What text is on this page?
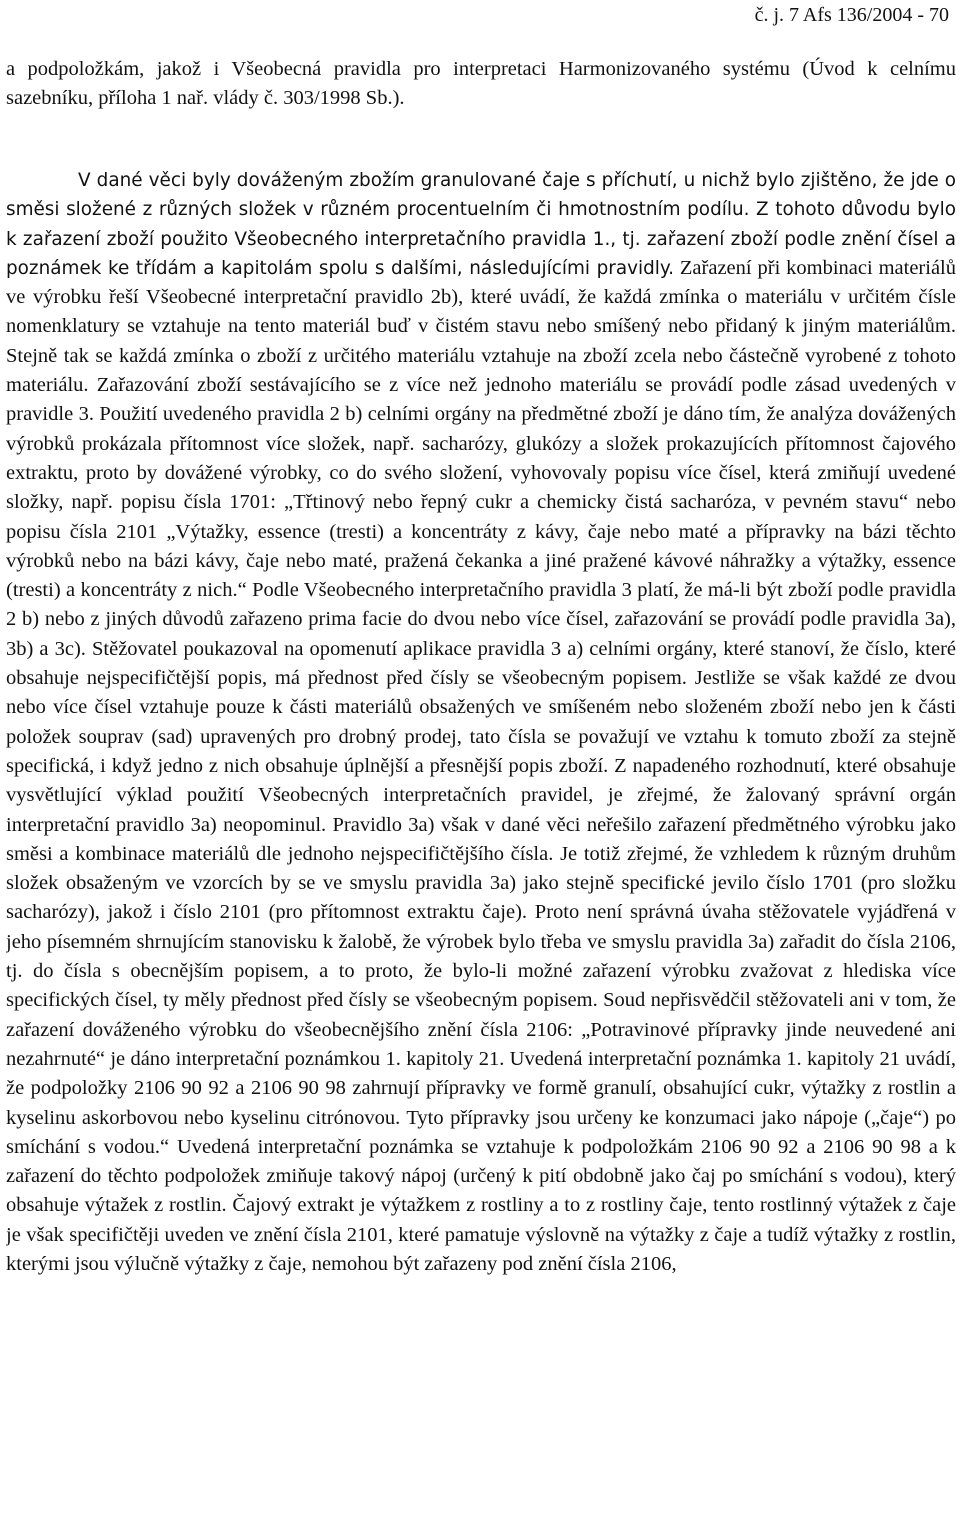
č. j. 7 Afs 136/2004 - 70

a podpoložkám, jakož i Všeobecná pravidla pro interpretaci Harmonizovaného systému (Úvod k celnímu sazebníku, příloha 1 nař. vlády č. 303/1998 Sb.).

V dané věci byly dováženým zbožím granulované čaje s příchutí, u nichž bylo zjištěno, že jde o směsi složené z různých složek v různém procentuelním či hmotnostním podílu. Z tohoto důvodu bylo k zařazení zboží použito Všeobecného interpretačního pravidla 1., tj. zařazení zboží podle znění čísel a poznámek ke třídám a kapitolám spolu s dalšími, následujícími pravidly. Zařazení při kombinaci materiálů ve výrobku řeší Všeobecné interpretační pravidlo 2b), které uvádí, že každá zmínka o materiálu v určitém čísle nomenklatury se vztahuje na tento materiál buď v čistém stavu nebo smíšený nebo přidaný k jiným materiálům. Stejně tak se každá zmínka o zboží z určitého materiálu vztahuje na zboží zcela nebo částečně vyrobené z tohoto materiálu. Zařazování zboží sestávajícího se z více než jednoho materiálu se provádí podle zásad uvedených v pravidle 3. Použití uvedeného pravidla 2 b) celními orgány na předmětné zboží je dáno tím, že analýza dovážených výrobků prokázala přítomnost více složek, např. sacharózy, glukózy a složek prokazujících přítomnost čajového extraktu, proto by dovážené výrobky, co do svého složení, vyhovovaly popisu více čísel, která zmiňují uvedené složky, např. popisu čísla 1701: „Třtinový nebo řepný cukr a chemicky čistá sacharóza, v pevném stavu“ nebo popisu čísla 2101 „Výtažky, essence (tresti) a koncentráty z kávy, čaje nebo maté a přípravky na bázi těchto výrobků nebo na bázi kávy, čaje nebo maté, pražená čekanka a jiné pražené kávové náhražky a výtažky, essence (tresti) a koncentráty z nich.“ Podle Všeobecného interpretačního pravidla 3 platí, že má-li být zboží podle pravidla 2 b) nebo z jiných důvodů zařazeno prima facie do dvou nebo více čísel, zařazování se provádí podle pravidla 3a), 3b) a 3c). Stěžovatel poukazoval na opomenutí aplikace pravidla 3 a) celními orgány, které stanoví, že číslo, které obsahuje nejspecifičtější popis, má přednost před čísly se všeobecným popisem. Jestliže se však každé ze dvou nebo více čísel vztahuje pouze k části materiálů obsažených ve smíšeném nebo složeném zboží nebo jen k části položek souprav (sad) upravených pro drobný prodej, tato čísla se považují ve vztahu k tomuto zboží za stejně specifická, i když jedno z nich obsahuje úplnější a přesnější popis zboží. Z napadeného rozhodnutí, které obsahuje vysvětlující výklad použití Všeobecných interpretačních pravidel, je zřejmé, že žalovaný správní orgán interpretační pravidlo 3a) neopominul. Pravidlo 3a) však v dané věci neřešilo zařazení předmětného výrobku jako směsi a kombinace materiálů dle jednoho nejspecifičtějšího čísla. Je totiž zřejmé, že vzhledem k různým druhům složek obsaženým ve vzorcích by se ve smyslu pravidla 3a) jako stejně specifické jevilo číslo 1701 (pro složku sacharózy), jakož i číslo 2101 (pro přítomnost extraktu čaje). Proto není správná úvaha stěžovatele vyjádřená v jeho písemném shrnujícím stanovisku k žalobě, že výrobek bylo třeba ve smyslu pravidla 3a) zařadit do čísla 2106, tj. do čísla s obecnějším popisem, a to proto, že bylo-li možné zařazení výrobku zvažovat z hlediska více specifických čísel, ty měly přednost před čísly se všeobecným popisem. Soud nepřisvědčil stěžovateli ani v tom, že zařazení dováženého výrobku do všeobecnějšího znění čísla 2106: „Potravinové přípravky jinde neuvedené ani nezahrnuté“ je dáno interpretační poznámkou 1. kapitoly 21. Uvedená interpretační poznámka 1. kapitoly 21 uvádí, že podpoložky 2106 90 92 a 2106 90 98 zahrnují přípravky ve formě granulí, obsahující cukr, výtažky z rostlin a kyselinu askorbovou nebo kyselinu citrónovou. Tyto přípravky jsou určeny ke konzumaci jako nápoje („čaje“) po smíchání s vodou.“ Uvedená interpretační poznámka se vztahuje k podpoložkám 2106 90 92 a 2106 90 98 a k zařazení do těchto podpoložek zmiňuje takový nápoj (určený k pití obdobně jako čaj po smíchání s vodou), který obsahuje výtažek z rostlin. Čajový extrakt je výtažkem z rostliny a to z rostliny čaje, tento rostlinný výtažek z čaje je však specifičtěji uveden ve znění čísla 2101, které pamatuje výslovně na výtažky z čaje a tudíž výtažky z rostlin, kterými jsou výlučně výtažky z čaje, nemohou být zařazeny pod znění čísla 2106,
